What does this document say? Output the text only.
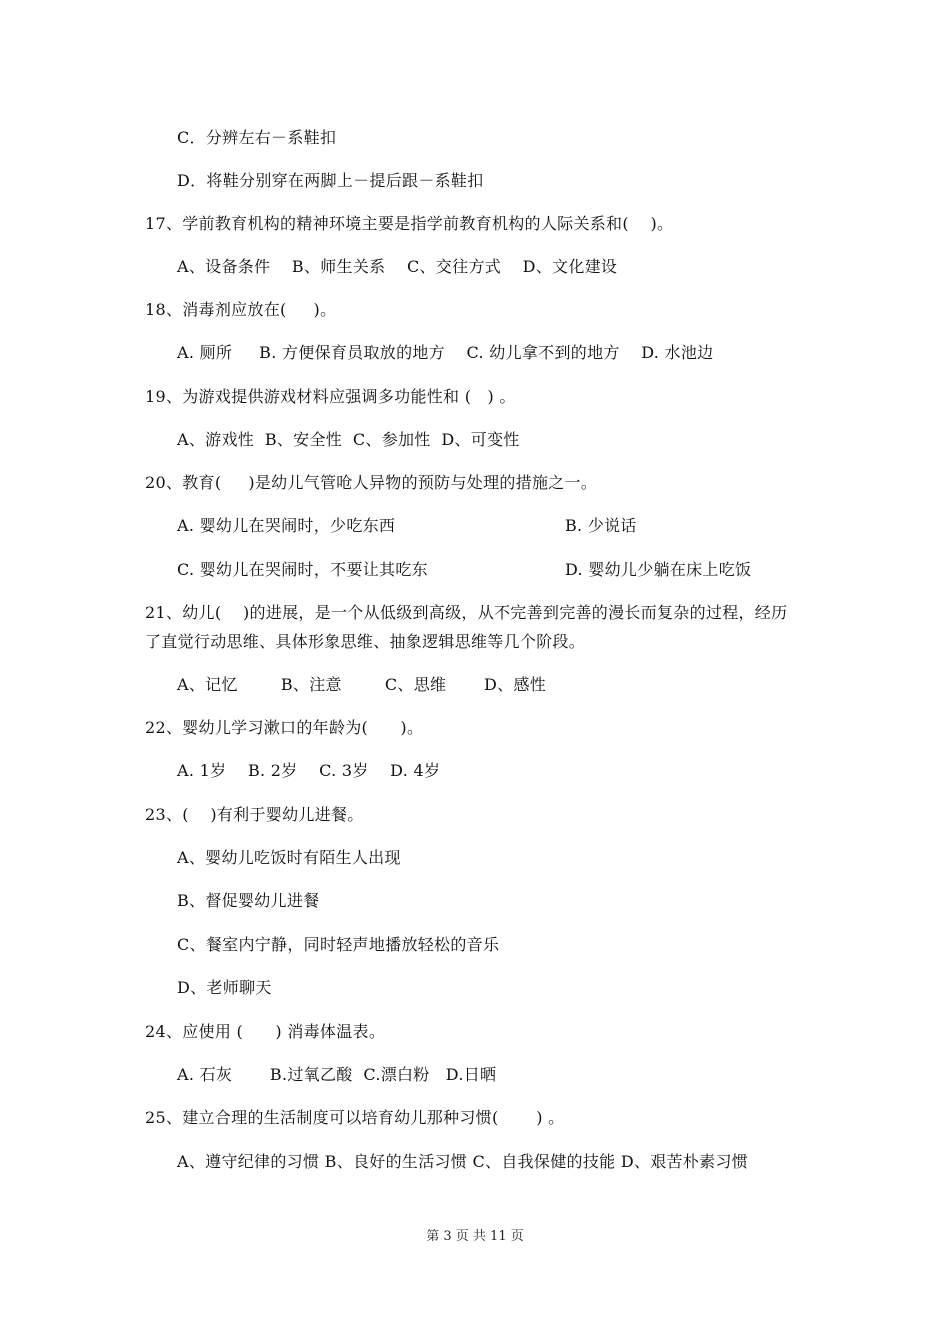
C．分辨左右－系鞋扣
D．将鞋分别穿在两脚上－提后跟－系鞋扣
17、学前教育机构的精神环境主要是指学前教育机构的人际关系和(    )。
A、设备条件    B、师生关系    C、交往方式    D、文化建设
18、消毒剂应放在(     )。
A. 厕所     B. 方便保育员取放的地方    C. 幼儿拿不到的地方    D. 水池边
19、为游戏提供游戏材料应强调多功能性和 (   ) 。
A、游戏性  B、安全性  C、参加性  D、可变性
20、教育(     )是幼儿气管呛人异物的预防与处理的措施之一。
A. 婴幼儿在哭闹时，少吃东西	B. 少说话
C. 婴幼儿在哭闹时，不要让其吃东	D. 婴幼儿少躺在床上吃饭
21、幼儿(    )的进展，是一个从低级到高级，从不完善到完善的漫长而复杂的过程，经历
了直觉行动思维、具体形象思维、抽象逻辑思维等几个阶段。
A、记忆        B、注意        C、思维       D、感性
22、婴幼儿学习漱口的年龄为(      )。
A. 1岁    B. 2岁    C. 3岁    D. 4岁
23、(    )有利于婴幼儿进餐。
A、婴幼儿吃饭时有陌生人出现
B、督促婴幼儿进餐
C、餐室内宁静，同时轻声地播放轻松的音乐
D、老师聊天
24、应使用 (      ) 消毒体温表。
A. 石灰       B.过氧乙酸  C.漂白粉   D.日晒
25、建立合理的生活制度可以培育幼儿那种习惯(       ) 。
A、遵守纪律的习惯 B、良好的生活习惯 C、自我保健的技能 D、艰苦朴素习惯
第 3 页 共 11 页
